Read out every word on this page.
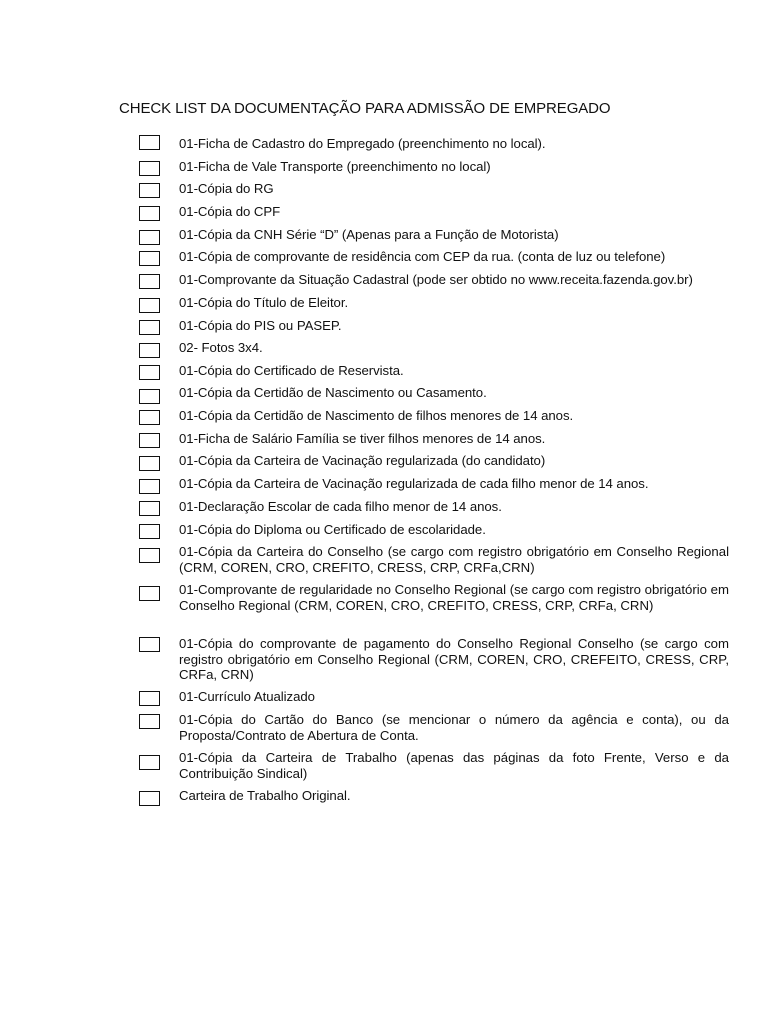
CHECK LIST DA DOCUMENTAÇÃO PARA ADMISSÃO DE EMPREGADO
01-Ficha de Cadastro do Empregado (preenchimento no local).
01-Ficha de Vale Transporte (preenchimento no local)
01-Cópia do RG
01-Cópia do CPF
01-Cópia da CNH Série “D” (Apenas para a Função de Motorista)
01-Cópia de comprovante de residência com CEP da rua. (conta de luz ou telefone)
01-Comprovante da Situação Cadastral (pode ser obtido no www.receita.fazenda.gov.br)
01-Cópia do Título de Eleitor.
01-Cópia do PIS ou PASEP.
02- Fotos 3x4.
01-Cópia do Certificado de Reservista.
01-Cópia da Certidão de Nascimento ou Casamento.
01-Cópia da Certidão de Nascimento de filhos menores de 14 anos.
01-Ficha de Salário Família se tiver filhos menores de 14 anos.
01-Cópia da Carteira de Vacinação regularizada (do candidato)
01-Cópia da Carteira de Vacinação regularizada de cada filho menor de 14 anos.
01-Declaração Escolar de cada filho menor de 14 anos.
01-Cópia do Diploma ou Certificado de escolaridade.
01-Cópia da Carteira do Conselho (se cargo com registro obrigatório em Conselho Regional (CRM, COREN, CRO, CREFITO, CRESS, CRP, CRFa,CRN)
01-Comprovante de regularidade no Conselho Regional (se cargo com registro obrigatório em Conselho Regional (CRM, COREN, CRO, CREFITO, CRESS, CRP, CRFa, CRN)
01-Cópia do comprovante de pagamento do Conselho Regional Conselho (se cargo com registro obrigatório em Conselho Regional (CRM, COREN, CRO, CREFEITO, CRESS, CRP, CRFa, CRN)
01-Currículo Atualizado
01-Cópia do Cartão do Banco (se mencionar o número da agência e conta), ou da Proposta/Contrato de Abertura de Conta.
01-Cópia da Carteira de Trabalho (apenas das páginas da foto Frente, Verso e da Contribuição Sindical)
Carteira de Trabalho Original.
